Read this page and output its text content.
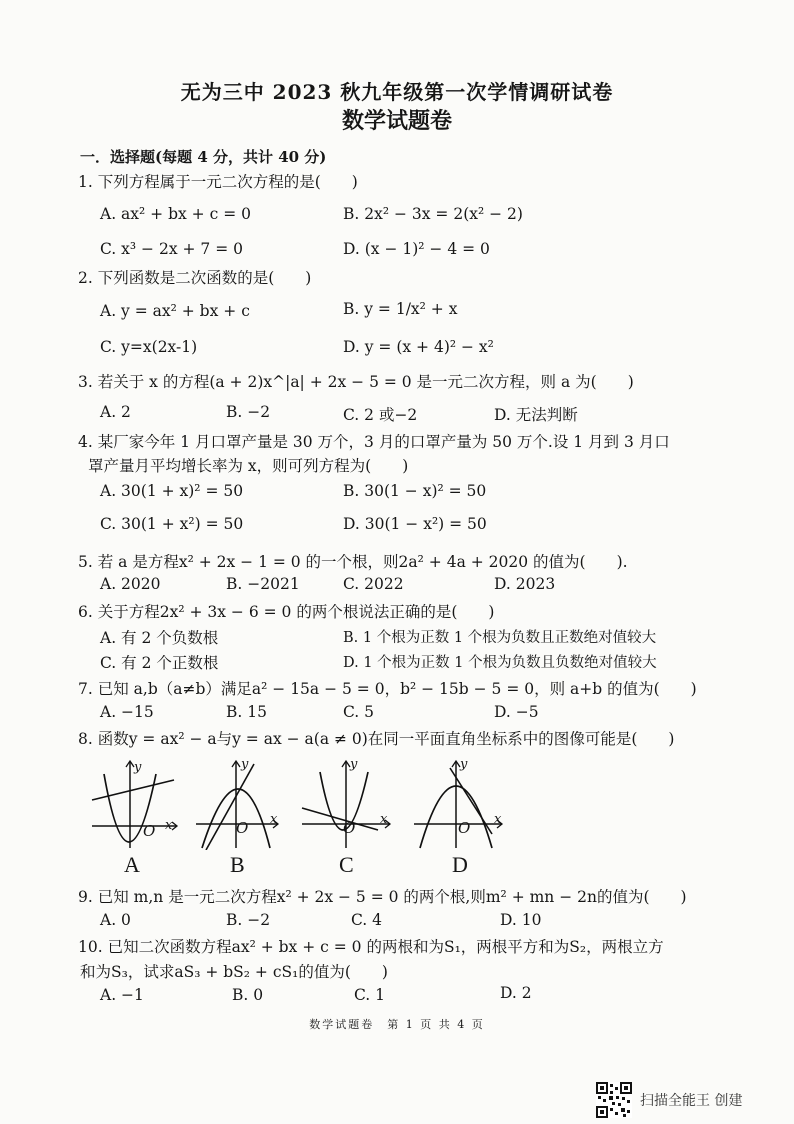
无为三中 2023 秋九年级第一次学情调研试卷
数学试题卷
一．选择题(每题 4 分，共计 40 分)
1. 下列方程属于一元二次方程的是(　　)
A. ax² + bx + c = 0	B. 2x² − 3x = 2(x² − 2)
C. x³ − 2x + 7 = 0	D. (x − 1)² − 4 = 0
2. 下列函数是二次函数的是(　　)
A. y = ax² + bx + c	B. y = 1/x² + x
C. y=x(2x-1)	D. y = (x + 4)² − x²
3. 若关于 x 的方程(a + 2)x^|a| + 2x − 5 = 0 是一元二次方程，则 a 为(　　)
A. 2	B. −2	C. 2 或−2	D. 无法判断
4. 某厂家今年 1 月口罩产量是 30 万个，3 月的口罩产量为 50 万个.设 1 月到 3 月口
罩产量月平均增长率为 x，则可列方程为(　　)
A. 30(1 + x)² = 50	B. 30(1 − x)² = 50
C. 30(1 + x²) = 50	D. 30(1 − x²) = 50
5. 若 a 是方程x² + 2x − 1 = 0 的一个根，则2a² + 4a + 2020 的值为(　　).
A. 2020	B. −2021	C. 2022	D. 2023
6. 关于方程2x² + 3x − 6 = 0 的两个根说法正确的是(　　)
A. 有 2 个负数根	B. 1 个根为正数 1 个根为负数且正数绝对值较大
C. 有 2 个正数根	D. 1 个根为正数 1 个根为负数且负数绝对值较大
7. 已知 a,b（a≠b）满足a² − 15a − 5 = 0，b² − 15b − 5 = 0，则 a+b 的值为(　　)
A. −15	B. 15	C. 5	D. −5
8. 函数y = ax² − a与y = ax − a(a ≠ 0)在同一平面直角坐标系中的图像可能是(　　)
y
x
O
A
y
x
O
B
y
x
O
C
y
x
O
D
9. 已知 m,n 是一元二次方程x² + 2x − 5 = 0 的两个根,则m² + mn − 2n的值为(　　)
A. 0	B. −2	C. 4	D. 10
10. 已知二次函数方程ax² + bx + c = 0 的两根和为S₁，两根平方和为S₂，两根立方
和为S₃，试求aS₃ + bS₂ + cS₁的值为(　　)
A. −1	B. 0	C. 1	D. 2
数学试题卷　第 1 页 共 4 页
扫描全能王 创建
